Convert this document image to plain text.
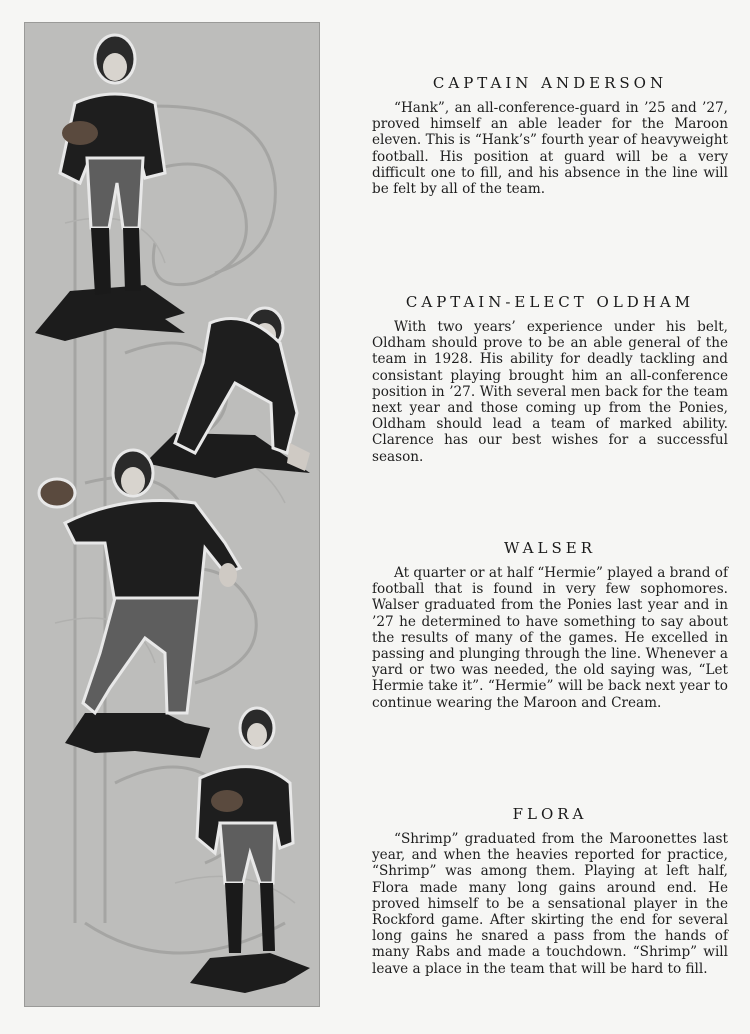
CAPTAIN ANDERSON

“Hank”, an all-conference-guard in ’25 and ’27, proved himself an able leader for the Maroon eleven. This is “Hank’s” fourth year of heavyweight football. His position at guard will be a very difficult one to fill, and his absence in the line will be felt by all of the team.

CAPTAIN-ELECT OLDHAM

With two years’ experience under his belt, Oldham should prove to be an able general of the team in 1928. His ability for deadly tackling and consistant playing brought him an all-conference position in ’27. With several men back for the team next year and those coming up from the Ponies, Oldham should lead a team of marked ability. Clarence has our best wishes for a successful season.

WALSER

At quarter or at half “Hermie” played a brand of football that is found in very few sophomores. Walser graduated from the Ponies last year and in ’27 he determined to have something to say about the results of many of the games. He excelled in passing and plunging through the line. Whenever a yard or two was needed, the old saying was, “Let Hermie take it”. “Hermie” will be back next year to continue wearing the Maroon and Cream.

FLORA

“Shrimp” graduated from the Maroonettes last year, and when the heavies reported for practice, “Shrimp” was among them. Playing at left half, Flora made many long gains around end. He proved himself to be a sensational player in the Rockford game. After skirting the end for several long gains he snared a pass from the hands of many Rabs and made a touchdown. “Shrimp” will leave a place in the team that will be hard to fill.
